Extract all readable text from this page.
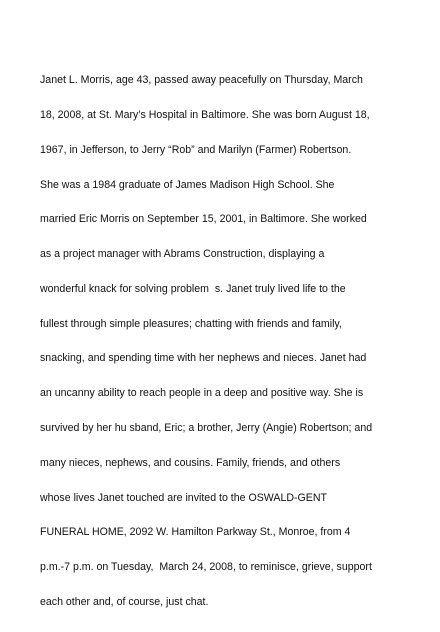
Janet L. Morris, age 43, passed away peacefully on Thursday, March

18, 2008, at St. Mary’s Hospital in Baltimore. She was born August 18,

1967, in Jefferson, to Jerry “Rob” and Marilyn (Farmer) Robertson.

She was a 1984 graduate of James Madison High School. She

married Eric Morris on September 15, 2001, in Baltimore. She worked

as a project manager with Abrams Construction, displaying a

wonderful knack for solving problem  s. Janet truly lived life to the

fullest through simple pleasures; chatting with friends and family,

snacking, and spending time with her nephews and nieces. Janet had

an uncanny ability to reach people in a deep and positive way. She is

survived by her hu sband, Eric; a brother, Jerry (Angie) Robertson; and

many nieces, nephews, and cousins. Family, friends, and others

whose lives Janet touched are invited to the OSWALD-GENT

FUNERAL HOME, 2092 W. Hamilton Parkway St., Monroe, from 4

p.m.-7 p.m. on Tuesday,  March 24, 2008, to reminisce, grieve, support

each other and, of course, just chat.
